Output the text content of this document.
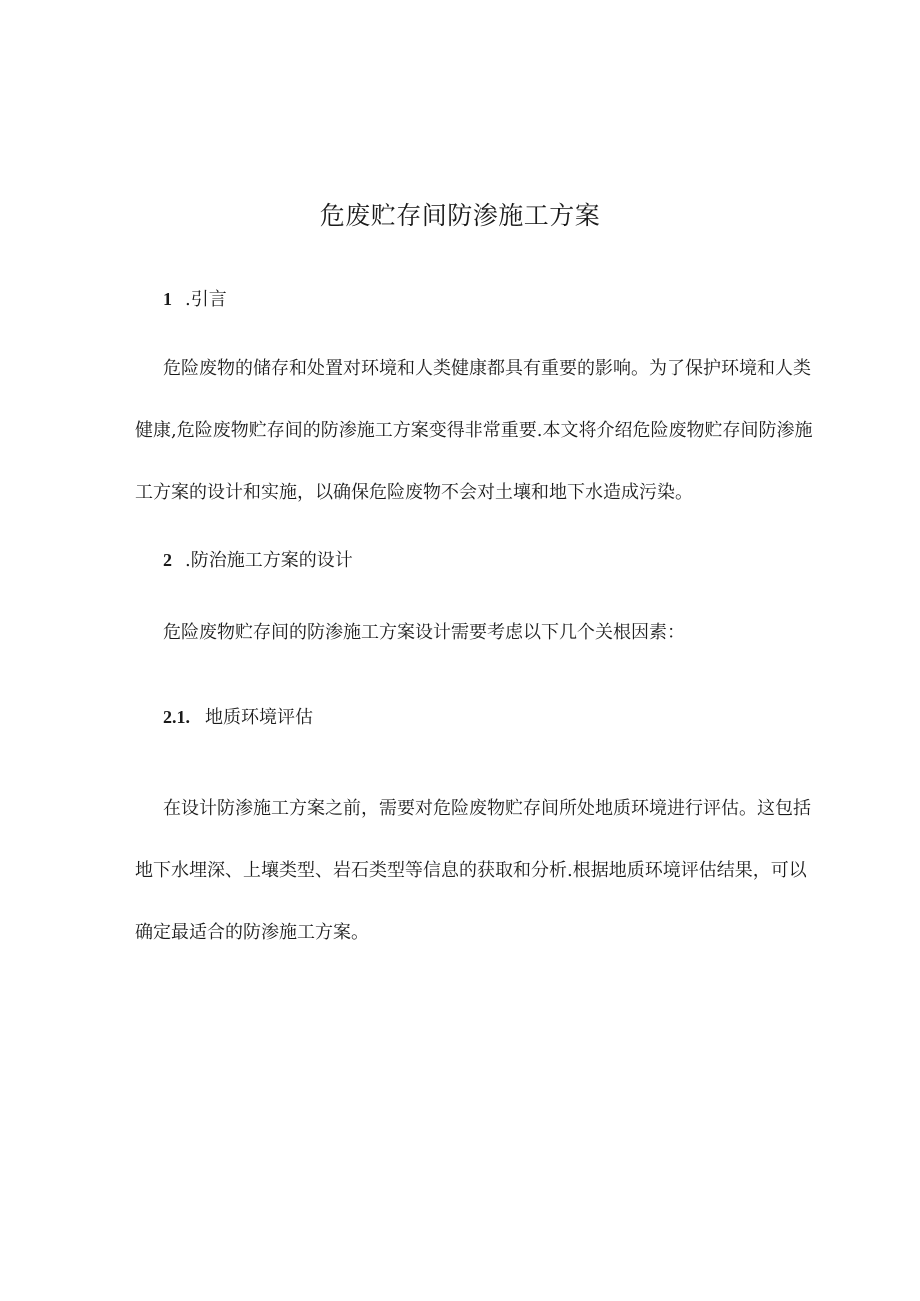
危废贮存间防渗施工方案
1 .引言
危险废物的储存和处置对环境和人类健康都具有重要的影响。为了保护环境和人类
健康,危险废物贮存间的防渗施工方案变得非常重要.本文将介绍危险废物贮存间防渗施
工方案的设计和实施，以确保危险废物不会对土壤和地下水造成污染。
2 .防治施工方案的设计
危险废物贮存间的防渗施工方案设计需要考虑以下几个关根因素：
2.1. 地质环境评估
在设计防渗施工方案之前，需要对危险废物贮存间所处地质环境进行评估。这包括
地下水埋深、上壤类型、岩石类型等信息的获取和分析.根据地质环境评估结果，可以
确定最适合的防渗施工方案。
